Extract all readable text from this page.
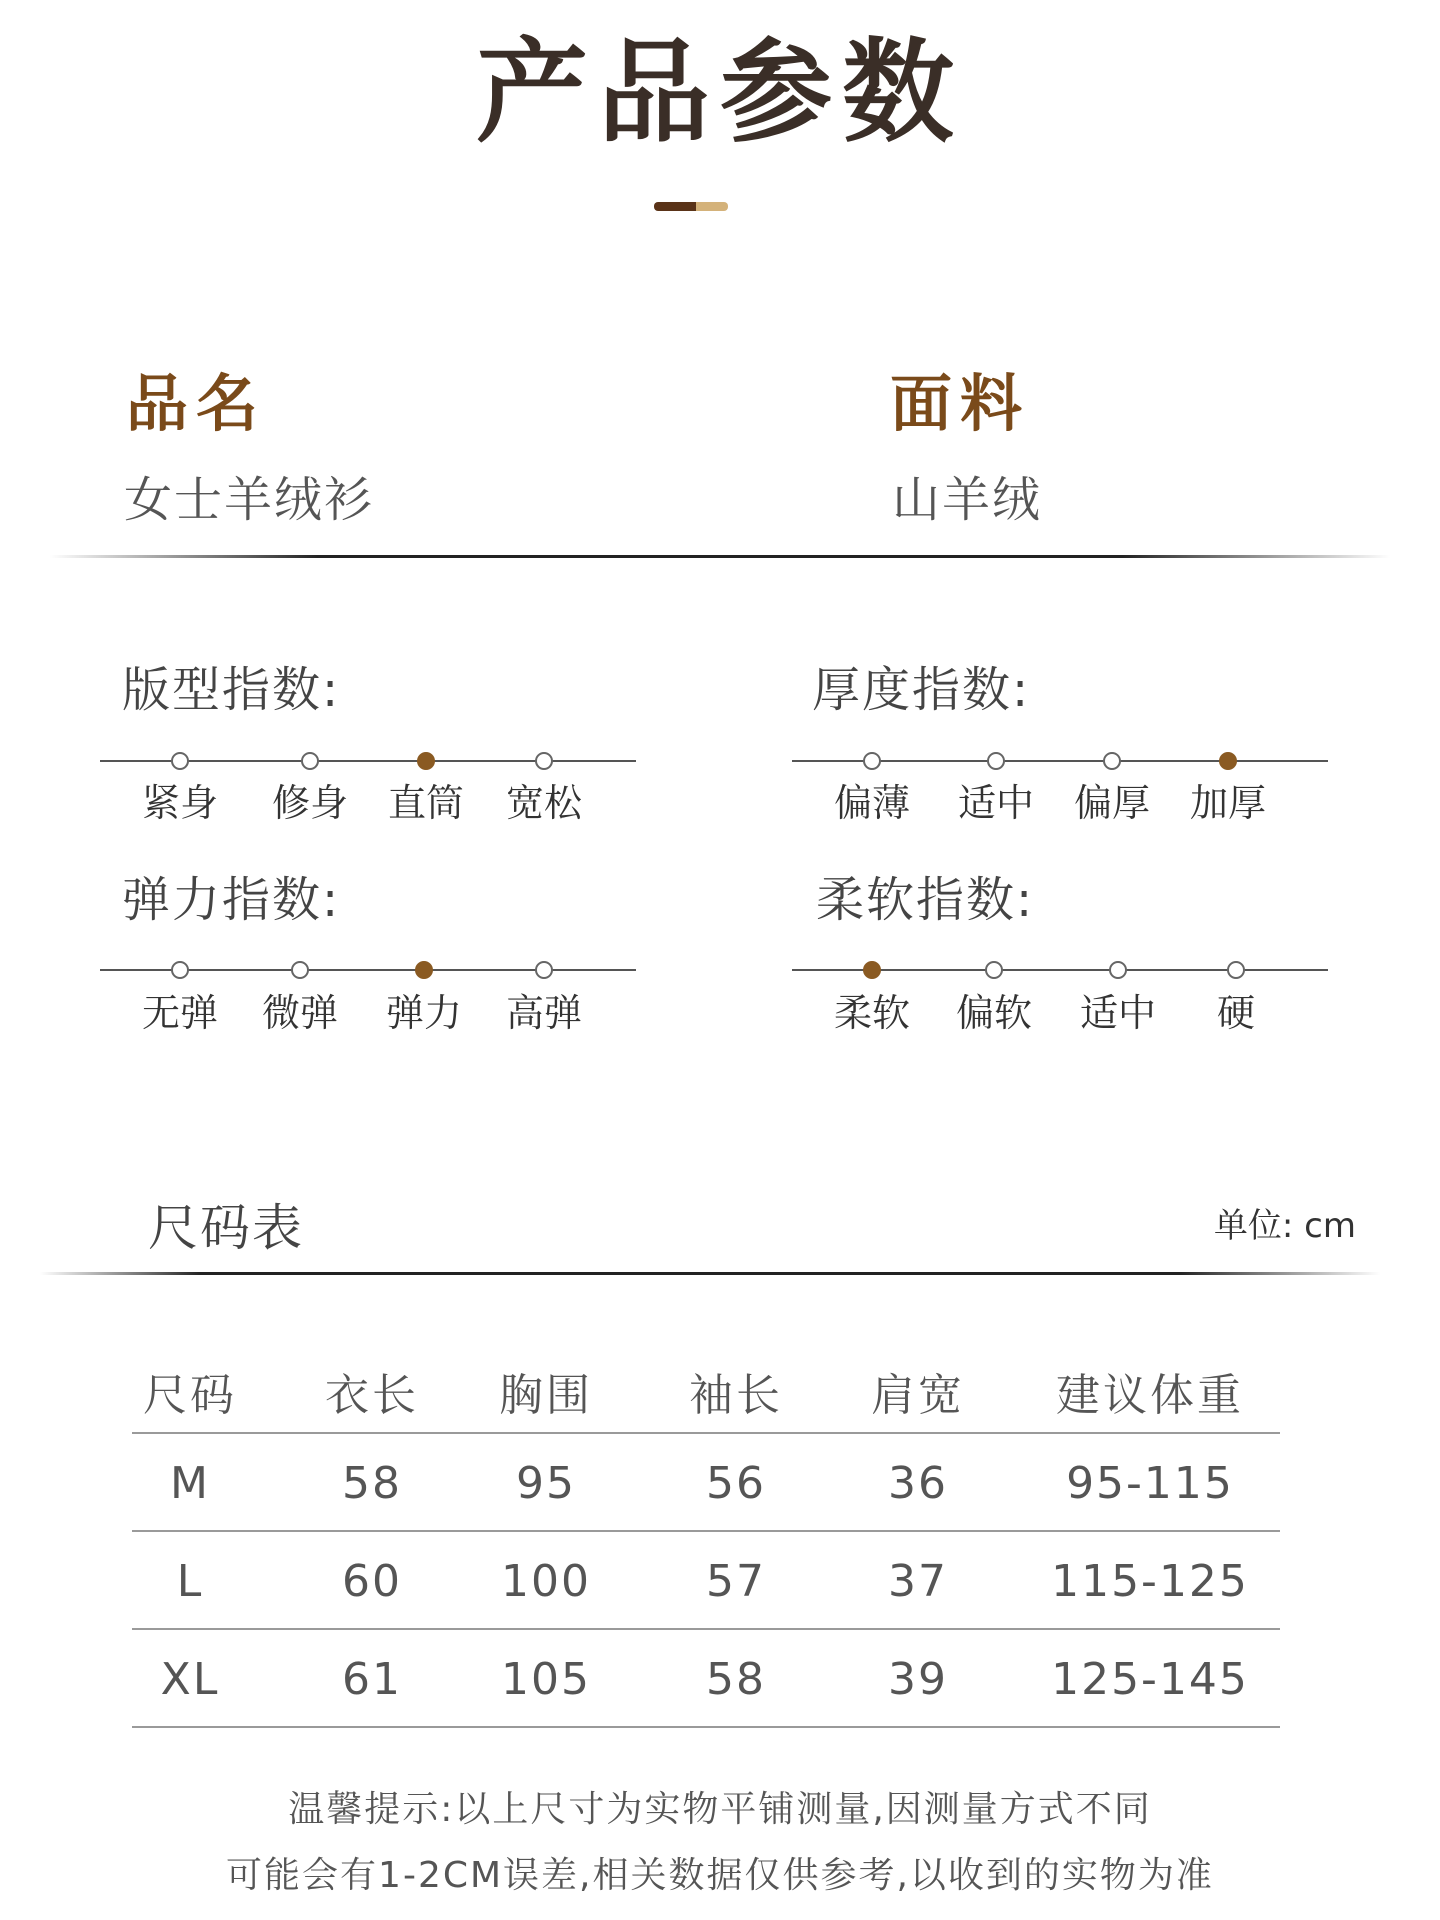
产品参数
品名
女士羊绒衫
面料
山羊绒
版型指数:
紧身	修身	直筒	宽松
厚度指数:
偏薄	适中	偏厚	加厚
弹力指数:
无弹	微弹	弹力	高弹
柔软指数:
柔软	偏软	适中	硬
尺码表	单位: cm
尺码	衣长	胸围	袖长	肩宽	建议体重
M	58	95	56	36	95-115
L	60	100	57	37	115-125
XL	61	105	58	39	125-145
温馨提示:以上尺寸为实物平铺测量,因测量方式不同
可能会有1-2CM误差,相关数据仅供参考,以收到的实物为准
